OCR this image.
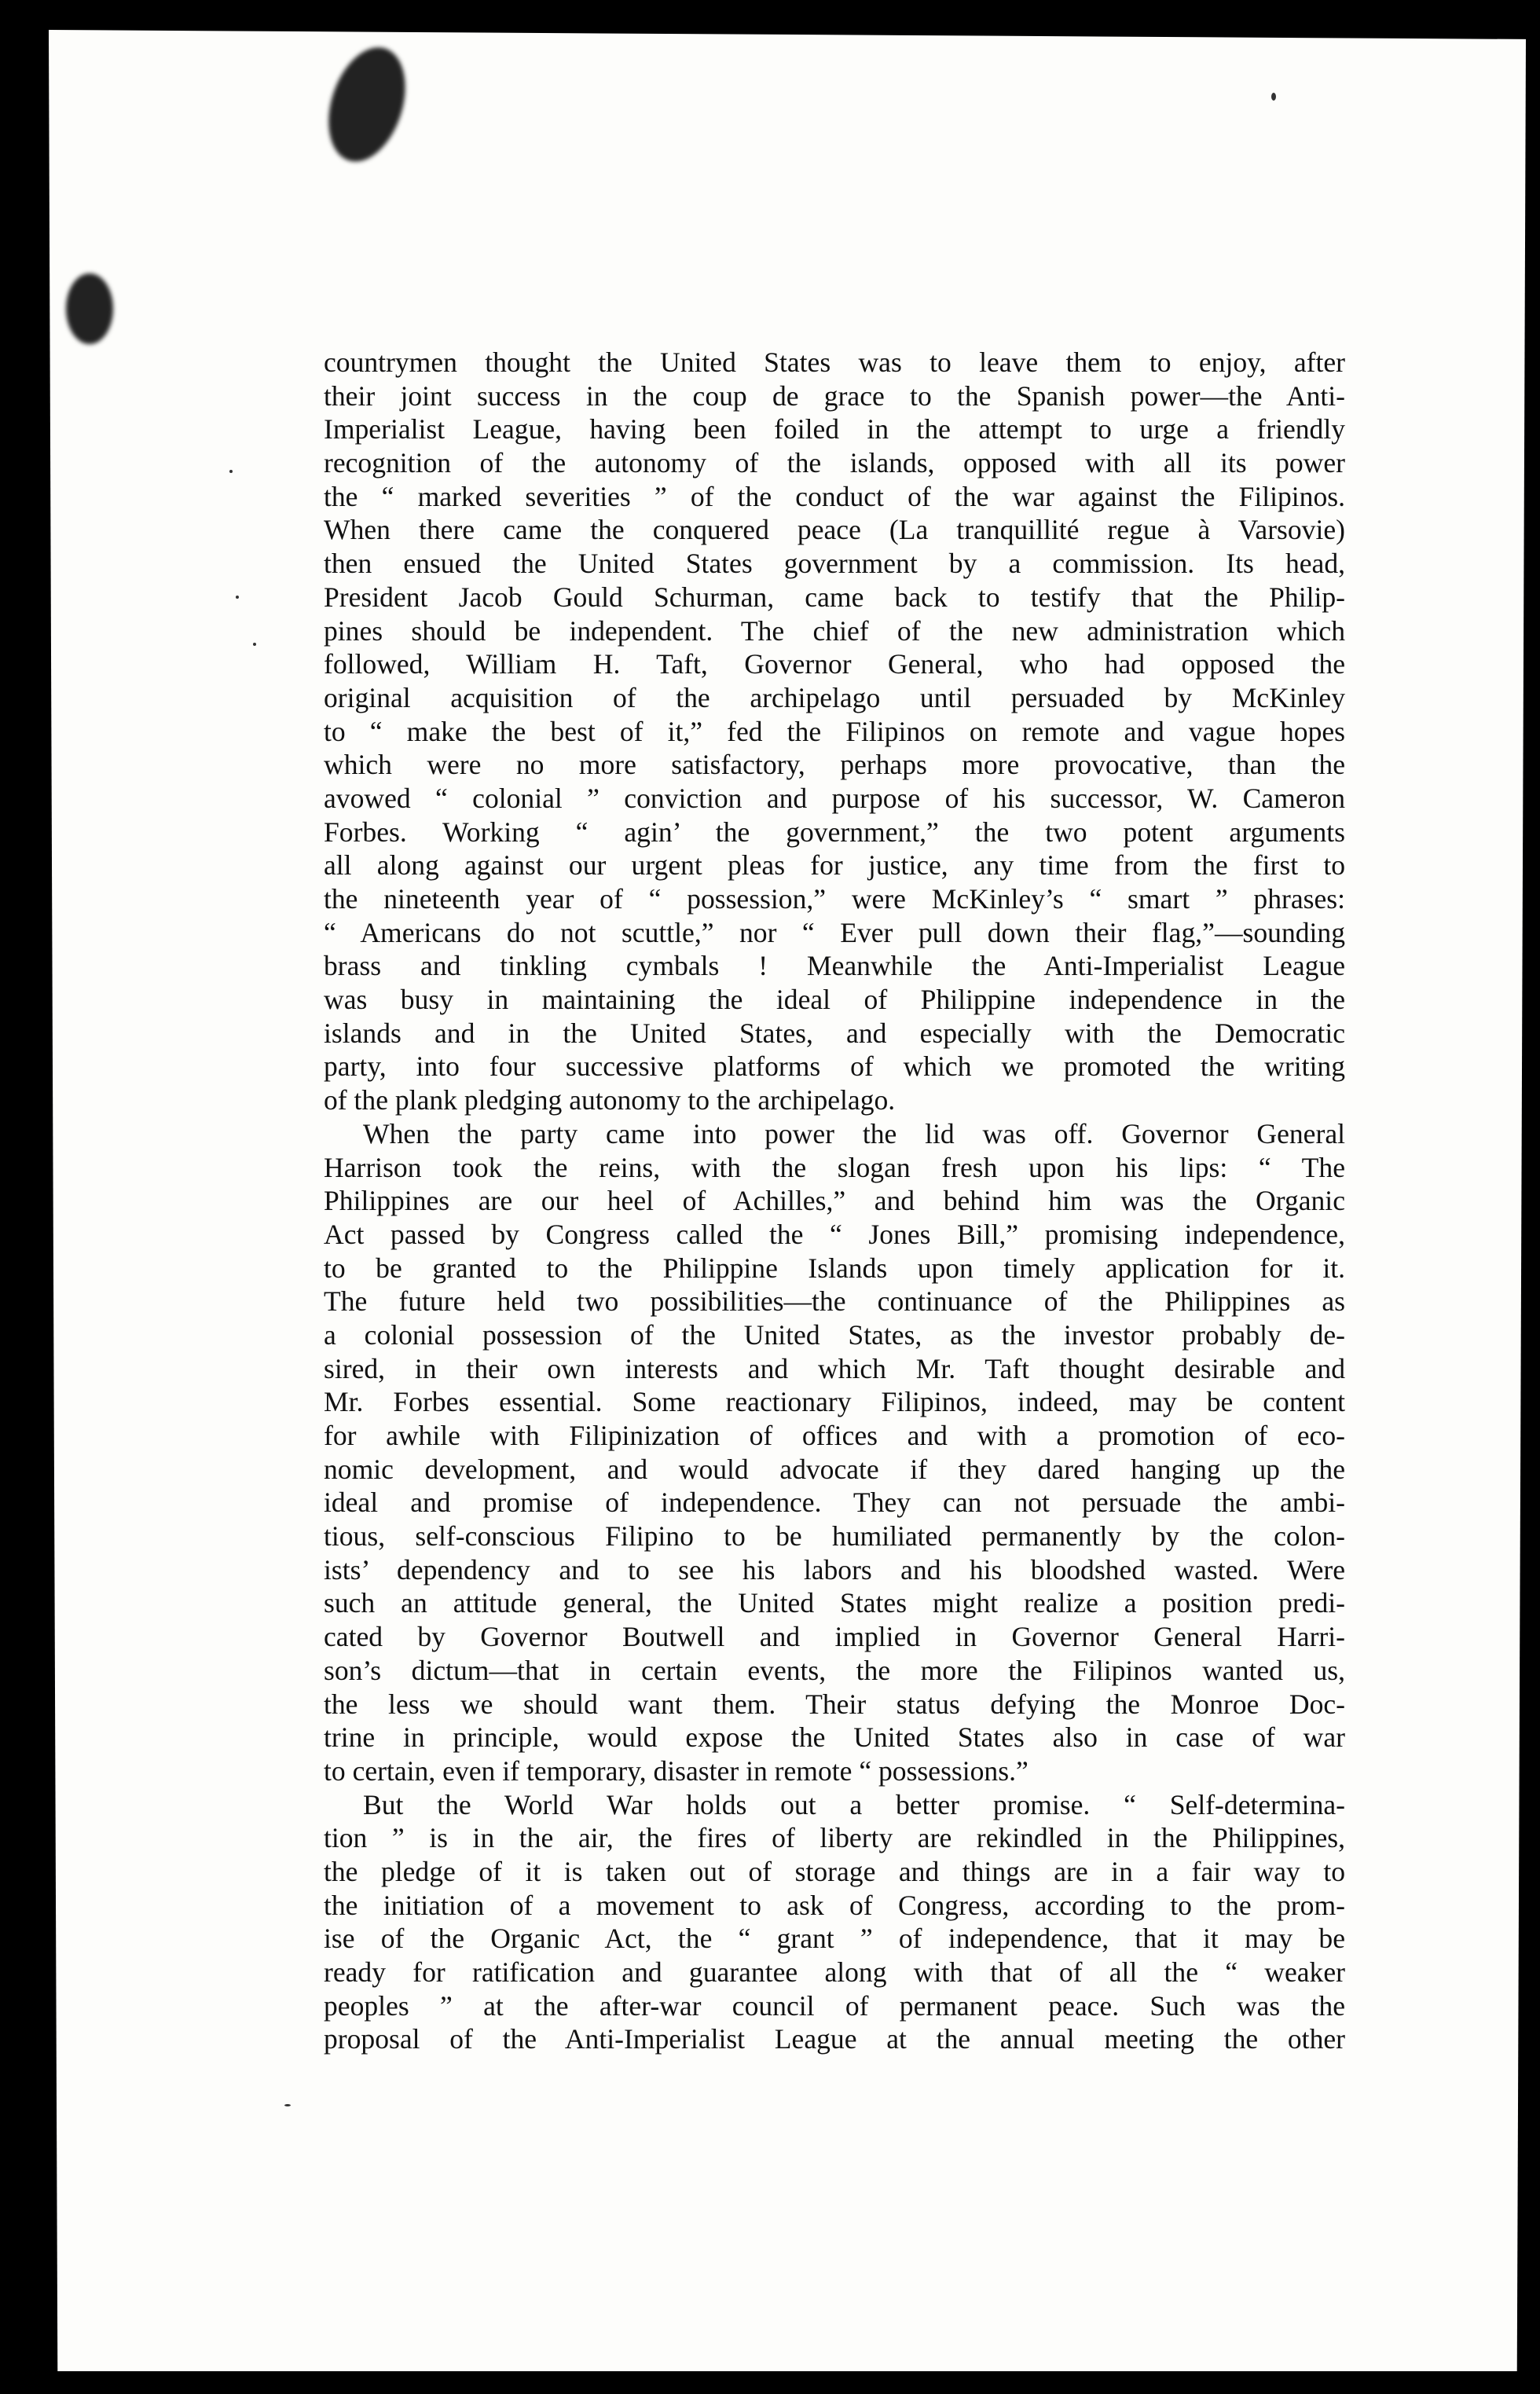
countrymen thought the United States was to leave them to enjoy, after
their joint success in the coup de grace to the Spanish power—the Anti-
Imperialist League, having been foiled in the attempt to urge a friendly
recognition of the autonomy of the islands, opposed with all its power
the “ marked severities ” of the conduct of the war against the Filipinos.
When there came the conquered peace (La tranquillité regue à Varsovie)
then ensued the United States government by a commission. Its head,
President Jacob Gould Schurman, came back to testify that the Philip-
pines should be independent. The chief of the new administration which
followed, William H. Taft, Governor General, who had opposed the
original acquisition of the archipelago until persuaded by McKinley
to “ make the best of it,” fed the Filipinos on remote and vague hopes
which were no more satisfactory, perhaps more provocative, than the
avowed “ colonial ” conviction and purpose of his successor, W. Cameron
Forbes. Working “ agin’ the government,” the two potent arguments
all along against our urgent pleas for justice, any time from the first to
the nineteenth year of “ possession,” were McKinley’s “ smart ” phrases:
“ Americans do not scuttle,” nor “ Ever pull down their flag,”—sounding
brass and tinkling cymbals ! Meanwhile the Anti-Imperialist League
was busy in maintaining the ideal of Philippine independence in the
islands and in the United States, and especially with the Democratic
party, into four successive platforms of which we promoted the writing
of the plank pledging autonomy to the archipelago.
When the party came into power the lid was off. Governor General
Harrison took the reins, with the slogan fresh upon his lips: “ The
Philippines are our heel of Achilles,” and behind him was the Organic
Act passed by Congress called the “ Jones Bill,” promising independence,
to be granted to the Philippine Islands upon timely application for it.
The future held two possibilities—the continuance of the Philippines as
a colonial possession of the United States, as the investor probably de-
sired, in their own interests and which Mr. Taft thought desirable and
Mr. Forbes essential. Some reactionary Filipinos, indeed, may be content
for awhile with Filipinization of offices and with a promotion of eco-
nomic development, and would advocate if they dared hanging up the
ideal and promise of independence. They can not persuade the ambi-
tious, self-conscious Filipino to be humiliated permanently by the colon-
ists’ dependency and to see his labors and his bloodshed wasted. Were
such an attitude general, the United States might realize a position predi-
cated by Governor Boutwell and implied in Governor General Harri-
son’s dictum—that in certain events, the more the Filipinos wanted us,
the less we should want them. Their status defying the Monroe Doc-
trine in principle, would expose the United States also in case of war
to certain, even if temporary, disaster in remote “ possessions.”
But the World War holds out a better promise. “ Self-determina-
tion ” is in the air, the fires of liberty are rekindled in the Philippines,
the pledge of it is taken out of storage and things are in a fair way to
the initiation of a movement to ask of Congress, according to the prom-
ise of the Organic Act, the “ grant ” of independence, that it may be
ready for ratification and guarantee along with that of all the “ weaker
peoples ” at the after-war council of permanent peace. Such was the
proposal of the Anti-Imperialist League at the annual meeting the other
